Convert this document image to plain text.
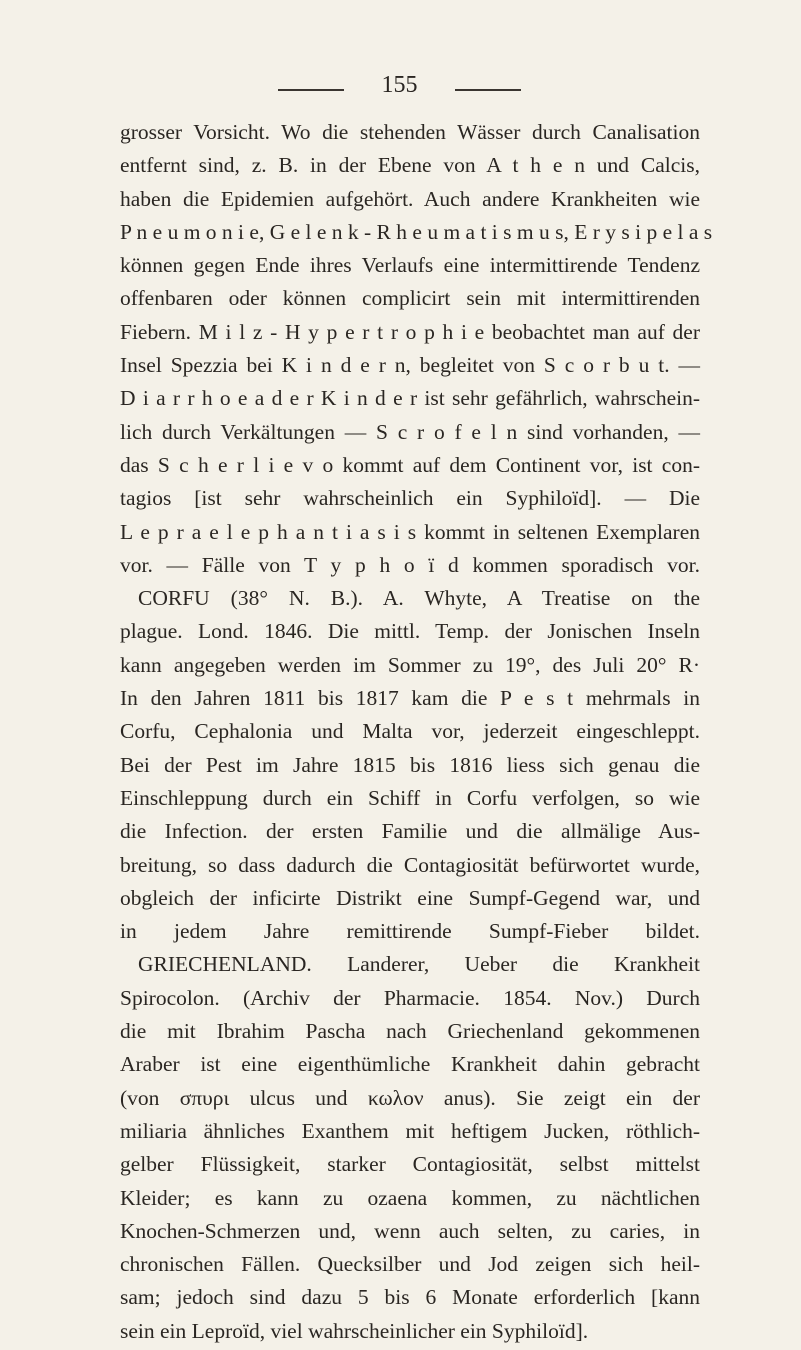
155
grosser Vorsicht. Wo die stehenden Wässer durch Canalisation
entfernt sind, z. B. in der Ebene von A t h e n und Calcis,
haben die Epidemien aufgehört. Auch andere Krankheiten wie
P n e u m o n i e, G e l e n k - R h e u m a t i s m u s, E r y s i p e l a s
können gegen Ende ihres Verlaufs eine intermittirende Tendenz
offenbaren oder können complicirt sein mit intermittirenden
Fiebern. M i l z - H y p e r t r o p h i e beobachtet man auf der
Insel Spezzia bei K i n d e r n, begleitet von S c o r b u t. —
D i a r r h o e a d e r K i n d e r ist sehr gefährlich, wahrschein-
lich durch Verkältungen — S c r o f e l n sind vorhanden, —
das S c h e r l i e v o kommt auf dem Continent vor, ist con-
tagios [ist sehr wahrscheinlich ein Syphiloïd]. — Die
L e p r a e l e p h a n t i a s i s kommt in seltenen Exemplaren
vor. — Fälle von T y p h o ï d kommen sporadisch vor.
CORFU (38° N. B.). A. Whyte, A Treatise on the
plague. Lond. 1846. Die mittl. Temp. der Jonischen Inseln
kann angegeben werden im Sommer zu 19°, des Juli 20° R·
In den Jahren 1811 bis 1817 kam die P e s t mehrmals in
Corfu, Cephalonia und Malta vor, jederzeit eingeschleppt.
Bei der Pest im Jahre 1815 bis 1816 liess sich genau die
Einschleppung durch ein Schiff in Corfu verfolgen, so wie
die Infection. der ersten Familie und die allmälige Aus-
breitung, so dass dadurch die Contagiosität befürwortet wurde,
obgleich der inficirte Distrikt eine Sumpf-Gegend war, und
in jedem Jahre remittirende Sumpf-Fieber bildet.
GRIECHENLAND. Landerer, Ueber die Krankheit
Spirocolon. (Archiv der Pharmacie. 1854. Nov.) Durch
die mit Ibrahim Pascha nach Griechenland gekommenen
Araber ist eine eigenthümliche Krankheit dahin gebracht
(von σπυρι ulcus und κωλον anus). Sie zeigt ein der
miliaria ähnliches Exanthem mit heftigem Jucken, röthlich-
gelber Flüssigkeit, starker Contagiosität, selbst mittelst
Kleider; es kann zu ozaena kommen, zu nächtlichen
Knochen-Schmerzen und, wenn auch selten, zu caries, in
chronischen Fällen. Quecksilber und Jod zeigen sich heil-
sam; jedoch sind dazu 5 bis 6 Monate erforderlich [kann
sein ein Leproïd, viel wahrscheinlicher ein Syphiloïd].
